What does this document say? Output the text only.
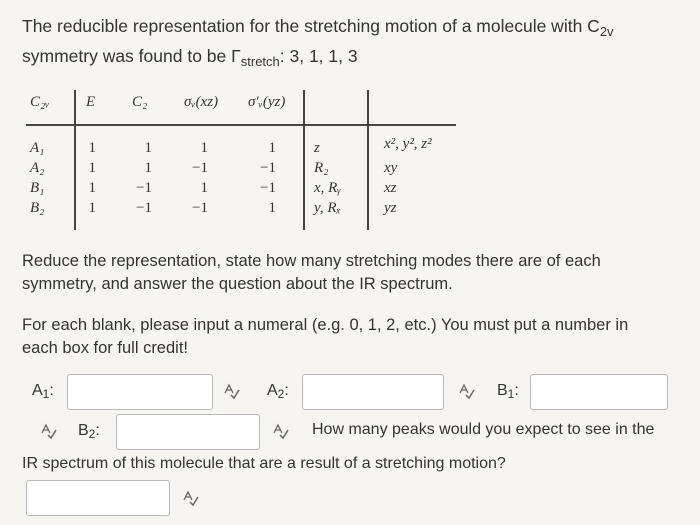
The reducible representation for the stretching motion of a molecule with $C_{2v}$
symmetry was found to be $\Gamma_{stretch}$: 3, 1, 1, 3
C₂ᵥ E C₂ σᵥ(xz) σ′ᵥ(yz)
A₁	1	1	1	1	z	x², y², z²
A₂	1	1	−1	−1	R₂	xy
B₁	1	−1	1	−1	x, Rᵧ	xz
B₂	1	−1	−1	1	y, Rₓ	yz
Reduce the representation, state how many stretching modes there are of each
symmetry, and answer the question about the IR spectrum.
For each blank, please input a numeral (e.g. 0, 1, 2, etc.) You must put a number in
each box for full credit!
$A_1$:	$A_2$:	$B_1$:
$B_2$:	How many peaks would you expect to see in the
IR spectrum of this molecule that are a result of a stretching motion?
